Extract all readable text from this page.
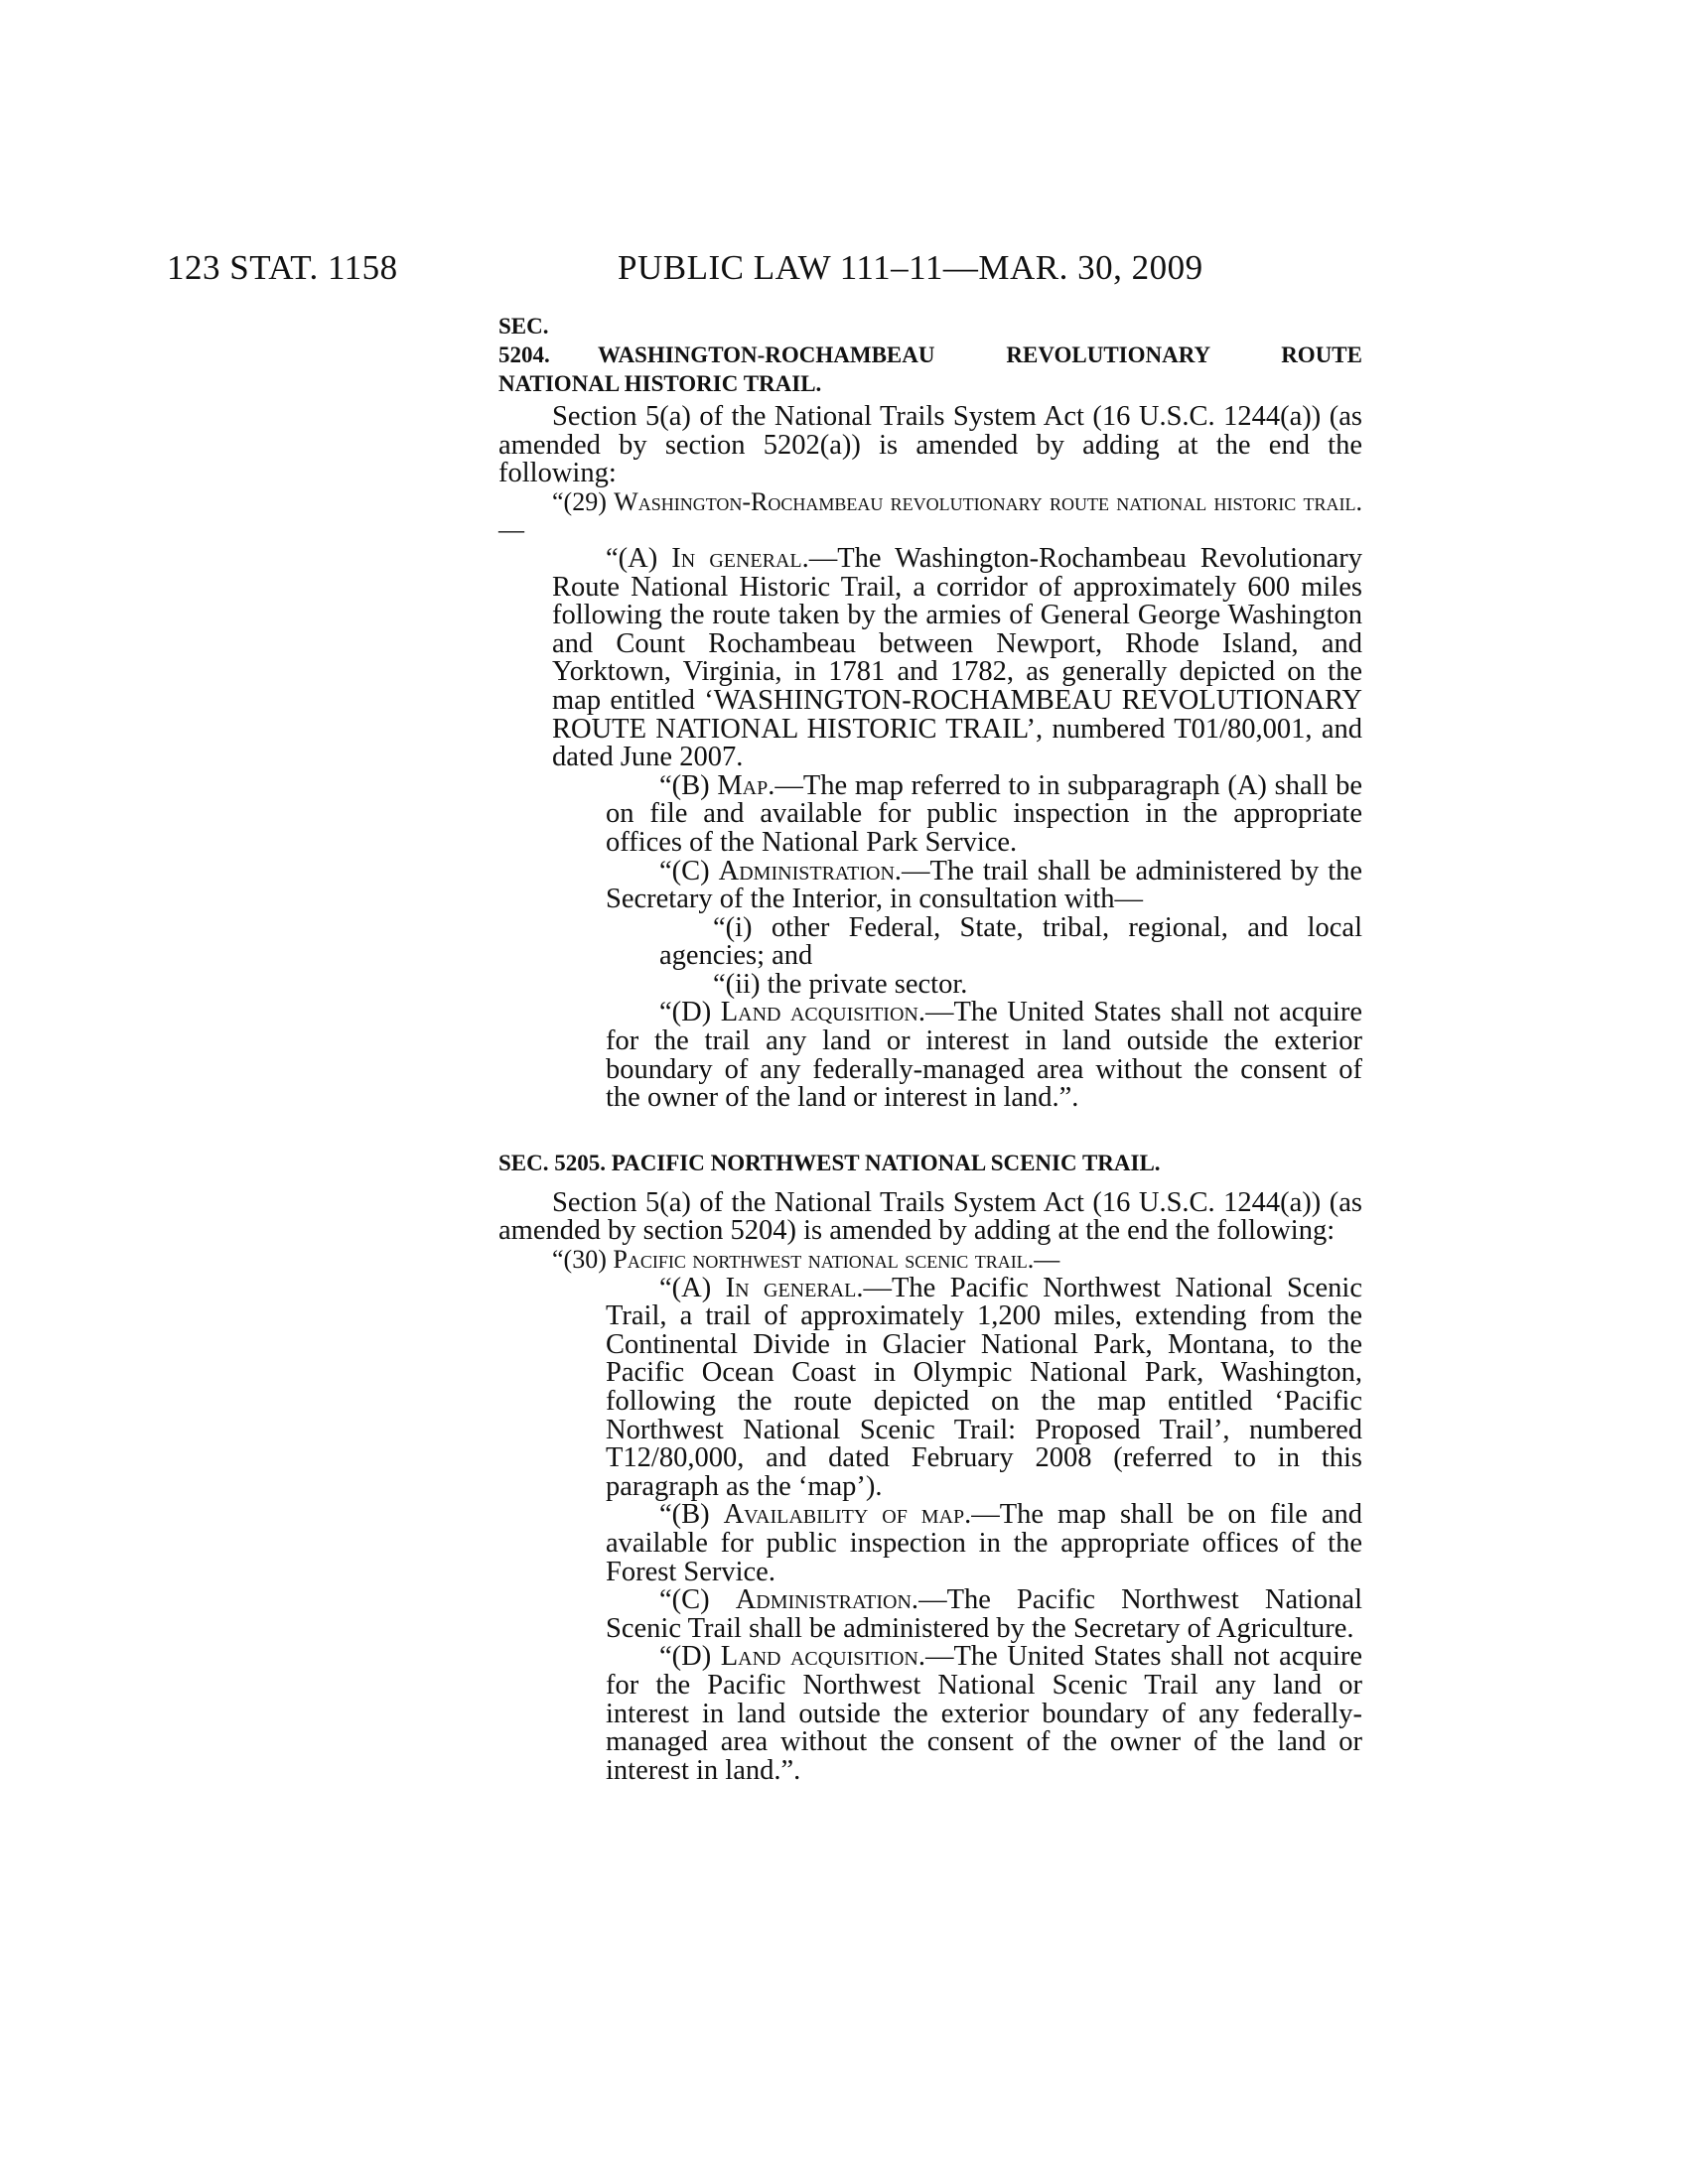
123 STAT. 1158	PUBLIC LAW 111–11—MAR. 30, 2009
SEC. 5204. WASHINGTON-ROCHAMBEAU REVOLUTIONARY ROUTE
NATIONAL HISTORIC TRAIL.

Section 5(a) of the National Trails System Act (16 U.S.C. 1244(a)) (as amended by section 5202(a)) is amended by adding at the end the following:

“(29) Washington-Rochambeau revolutionary route national historic trail.—

“(A) In general.—The Washington-Rochambeau Revolutionary Route National Historic Trail, a corridor of approximately 600 miles following the route taken by the armies of General George Washington and Count Rochambeau between Newport, Rhode Island, and Yorktown, Virginia, in 1781 and 1782, as generally depicted on the map entitled ‘WASHINGTON-ROCHAMBEAU REVOLUTIONARY ROUTE NATIONAL HISTORIC TRAIL’, numbered T01/80,001, and dated June 2007.

“(B) Map.—The map referred to in subparagraph (A) shall be on file and available for public inspection in the appropriate offices of the National Park Service.

“(C) Administration.—The trail shall be administered by the Secretary of the Interior, in consultation with—

“(i) other Federal, State, tribal, regional, and local agencies; and

“(ii) the private sector.

“(D) Land acquisition.—The United States shall not acquire for the trail any land or interest in land outside the exterior boundary of any federally-managed area without the consent of the owner of the land or interest in land.”.

SEC. 5205. PACIFIC NORTHWEST NATIONAL SCENIC TRAIL.

Section 5(a) of the National Trails System Act (16 U.S.C. 1244(a)) (as amended by section 5204) is amended by adding at the end the following:

“(30) Pacific northwest national scenic trail.—

“(A) In general.—The Pacific Northwest National Scenic Trail, a trail of approximately 1,200 miles, extending from the Continental Divide in Glacier National Park, Montana, to the Pacific Ocean Coast in Olympic National Park, Washington, following the route depicted on the map entitled ‘Pacific Northwest National Scenic Trail: Proposed Trail’, numbered T12/80,000, and dated February 2008 (referred to in this paragraph as the ‘map’).

“(B) Availability of map.—The map shall be on file and available for public inspection in the appropriate offices of the Forest Service.

“(C) Administration.—The Pacific Northwest National Scenic Trail shall be administered by the Secretary of Agriculture.

“(D) Land acquisition.—The United States shall not acquire for the Pacific Northwest National Scenic Trail any land or interest in land outside the exterior boundary of any federally-managed area without the consent of the owner of the land or interest in land.”.
